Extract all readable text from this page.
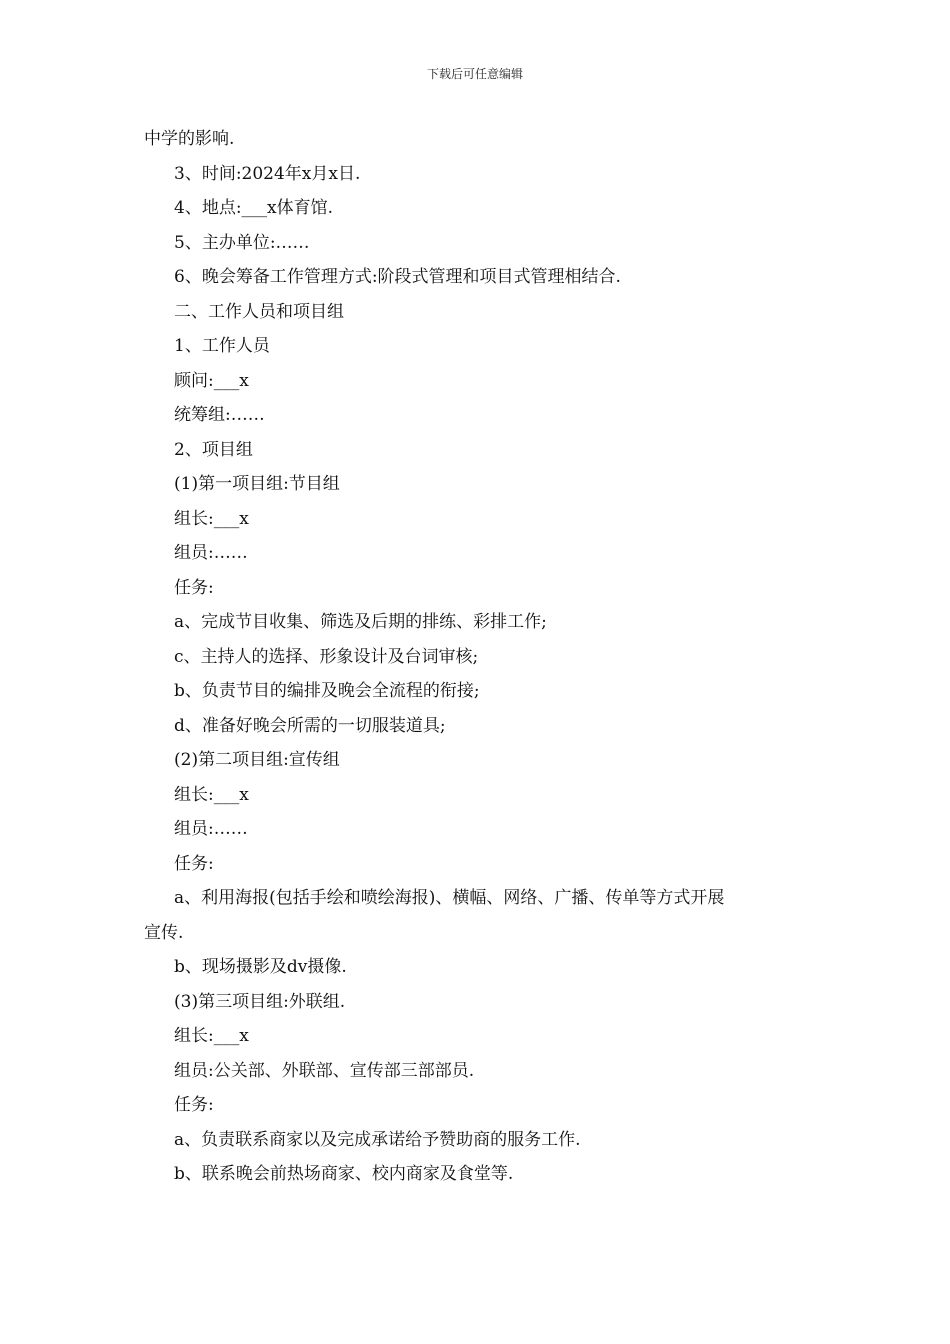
下载后可任意编辑
中学的影响.
3、时间:2024年x月x日.
4、地点:___x体育馆.
5、主办单位:……
6、晚会筹备工作管理方式:阶段式管理和项目式管理相结合.
二、工作人员和项目组
1、工作人员
顾问:___x
统筹组:……
2、项目组
(1)第一项目组:节目组
组长:___x
组员:……
任务:
a、完成节目收集、筛选及后期的排练、彩排工作;
c、主持人的选择、形象设计及台词审核;
b、负责节目的编排及晚会全流程的衔接;
d、准备好晚会所需的一切服装道具;
(2)第二项目组:宣传组
组长:___x
组员:……
任务:
a、利用海报(包括手绘和喷绘海报)、横幅、网络、广播、传单等方式开展
宣传.
b、现场摄影及dv摄像.
(3)第三项目组:外联组.
组长:___x
组员:公关部、外联部、宣传部三部部员.
任务:
a、负责联系商家以及完成承诺给予赞助商的服务工作.
b、联系晚会前热场商家、校内商家及食堂等.
